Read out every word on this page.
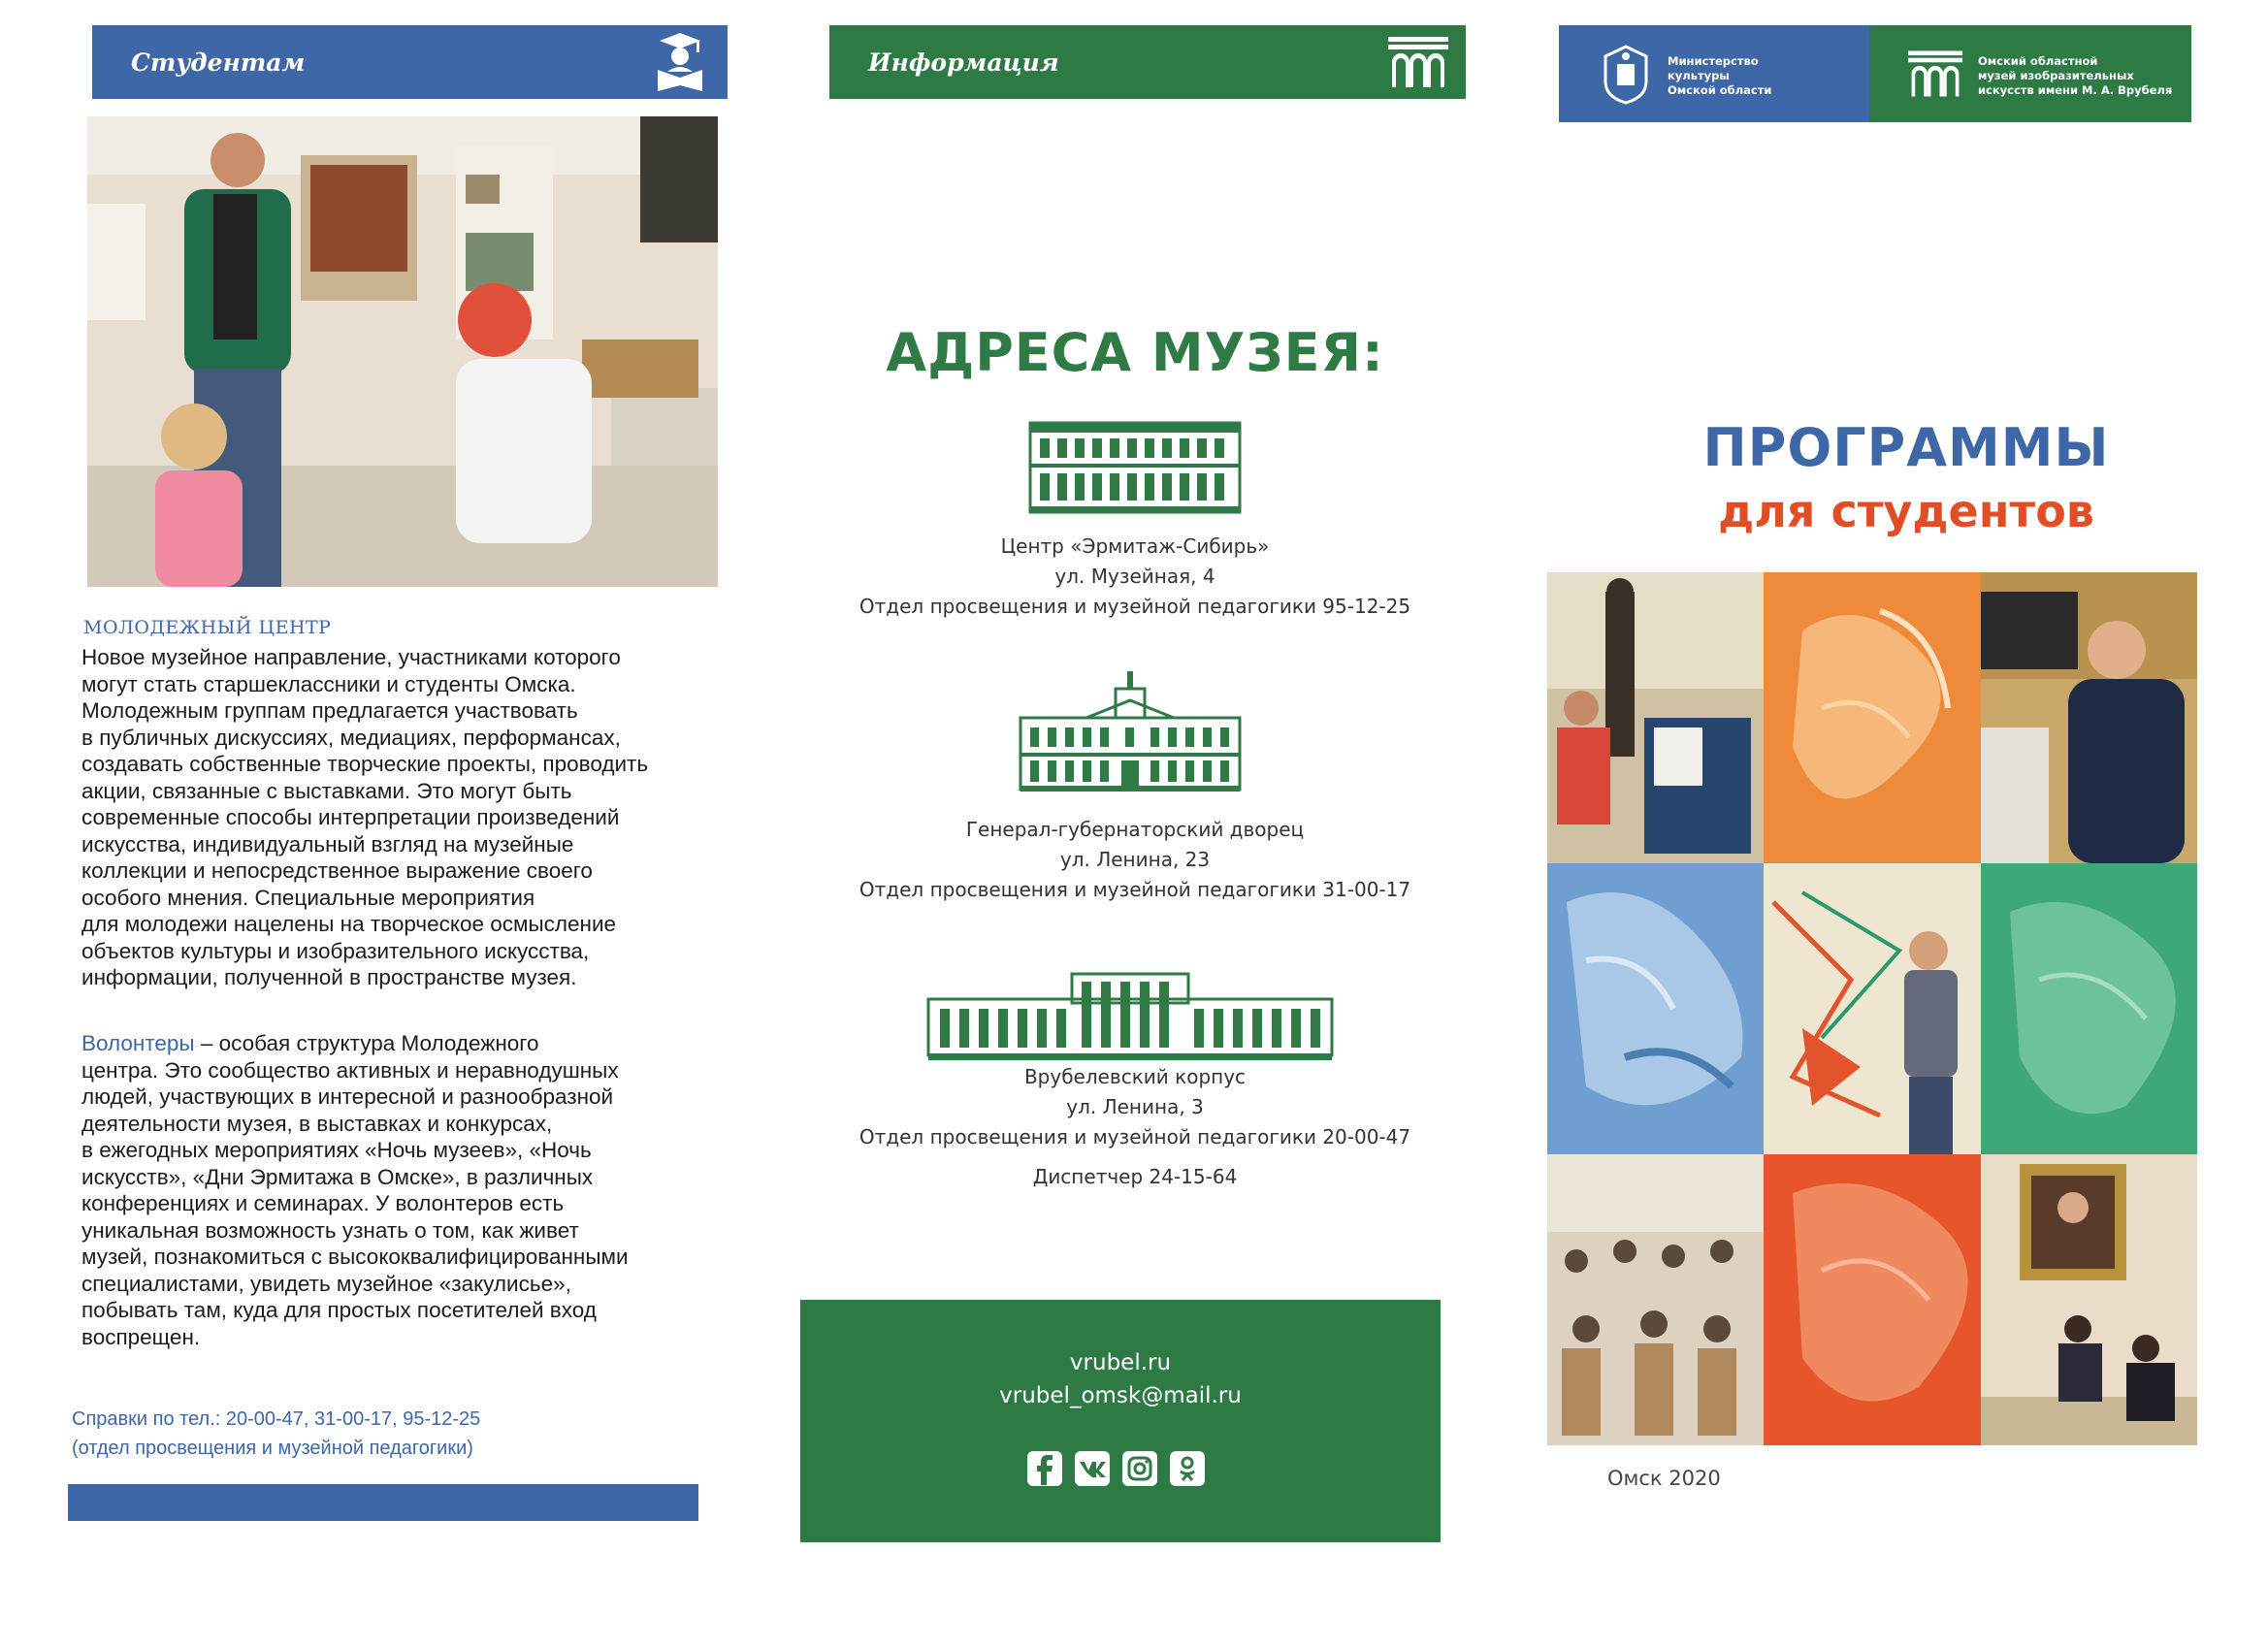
Студентам
МОЛОДЕЖНЫЙ ЦЕНТР
Новое музейное направление, участниками которого
могут стать старшеклассники и студенты Омска.
Молодежным группам предлагается участвовать
в публичных дискуссиях, медиациях, перформансах,
создавать собственные творческие проекты, проводить
акции, связанные с выставками. Это могут быть
современные способы интерпретации произведений
искусства, индивидуальный взгляд на музейные
коллекции и непосредственное выражение своего
особого мнения. Специальные мероприятия
для молодежи нацелены на творческое осмысление
объектов культуры и изобразительного искусства,
информации, полученной в пространстве музея.
Волонтеры – особая структура Молодежного
центра. Это сообщество активных и неравнодушных
людей, участвующих в интересной и разнообразной
деятельности музея, в выставках и конкурсах,
в ежегодных мероприятиях «Ночь музеев», «Ночь
искусств», «Дни Эрмитажа в Омске», в различных
конференциях и семинарах. У волонтеров есть
уникальная возможность узнать о том, как живет
музей, познакомиться с высококвалифицированными
специалистами, увидеть музейное «закулисье»,
побывать там, куда для простых посетителей вход
воспрещен.
Справки по тел.: 20-00-47, 31-00-17, 95-12-25
(отдел просвещения и музейной педагогики)
Информация
АДРЕСА МУЗЕЯ:
Центр «Эрмитаж-Сибирь»
ул. Музейная, 4
Отдел просвещения и музейной педагогики 95-12-25
Генерал-губернаторский дворец
ул. Ленина, 23
Отдел просвещения и музейной педагогики 31-00-17
Врубелевский корпус
ул. Ленина, 3
Отдел просвещения и музейной педагогики 20-00-47
Диспетчер 24-15-64
vrubel.ru
vrubel_omsk@mail.ru
Министерство
культуры
Омской области
Омский областной
музей изобразительных
искусств имени М. А. Врубеля
ПРОГРАММЫ
для студентов
Омск 2020
